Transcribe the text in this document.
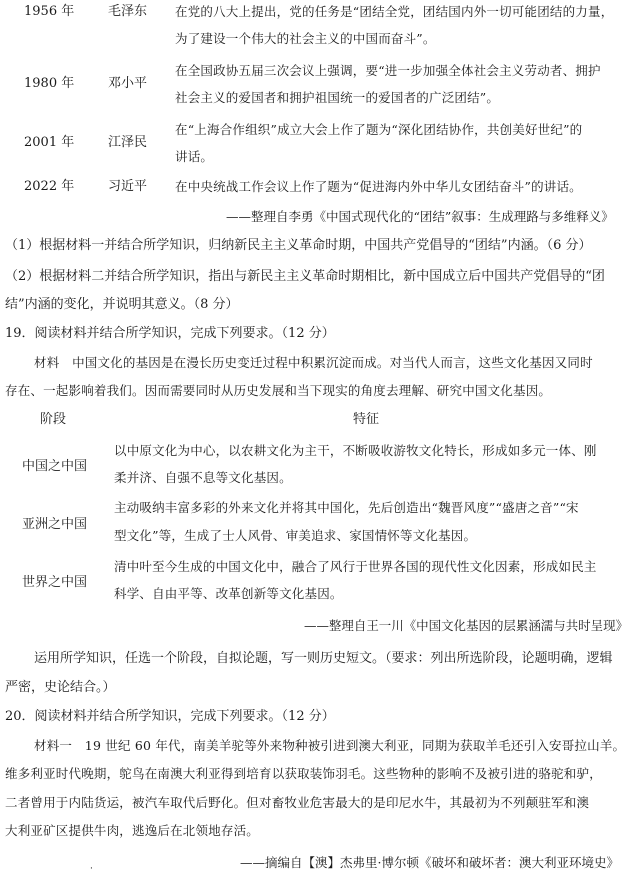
1956 年	毛泽东 在党的八大上提出，党的任务是“团结全党，团结国内外一切可能团结的力量，
为了建设一个伟大的社会主义的中国而奋斗”。
1980 年	邓小平
在全国政协五届三次会议上强调，要“进一步加强全体社会主义劳动者、拥护
社会主义的爱国者和拥护祖国统一的爱国者的广泛团结”。
2001 年	江泽民
在“上海合作组织”成立大会上作了题为“深化团结协作，共创美好世纪”的
讲话。
2022 年	习近平 在中央统战工作会议上作了题为“促进海内外中华儿女团结奋斗”的讲话。
——整理自李勇《中国式现代化的“团结”叙事：生成理路与多维释义》
（1）根据材料一并结合所学知识，归纳新民主主义革命时期，中国共产党倡导的“团结”内涵。（6 分）
（2）根据材料二并结合所学知识，指出与新民主主义革命时期相比，新中国成立后中国共产党倡导的“团
结”内涵的变化，并说明其意义。（8 分）
19．阅读材料并结合所学知识，完成下列要求。（12 分）
材料　中国文化的基因是在漫长历史变迁过程中积累沉淀而成。对当代人而言，这些文化基因又同时
存在、一起影响着我们。因而需要同时从历史发展和当下现实的角度去理解、研究中国文化基因。
阶段	特征
中国之中国
以中原文化为中心，以农耕文化为主干，不断吸收游牧文化特长，形成如多元一体、刚
柔并济、自强不息等文化基因。
亚洲之中国
主动吸纳丰富多彩的外来文化并将其中国化，先后创造出“魏晋风度”“盛唐之音”“宋
型文化”等，生成了士人风骨、审美追求、家国情怀等文化基因。
世界之中国
清中叶至今生成的中国文化中，融合了风行于世界各国的现代性文化因素，形成如民主
科学、自由平等、改革创新等文化基因。
——整理自王一川《中国文化基因的层累涵濡与共时呈现》
运用所学知识，任选一个阶段，自拟论题，写一则历史短文。（要求：列出所选阶段，论题明确，逻辑
严密，史论结合。）
20．阅读材料并结合所学知识，完成下列要求。（12 分）
材料一　19 世纪 60 年代，南美羊驼等外来物种被引进到澳大利亚，同期为获取羊毛还引入安哥拉山羊。
维多利亚时代晚期，鸵鸟在南澳大利亚得到培育以获取装饰羽毛。这些物种的影响不及被引进的骆驼和驴，
二者曾用于内陆货运，被汽车取代后野化。但对畜牧业危害最大的是印尼水牛，其最初为不列颠驻军和澳
大利亚矿区提供牛肉，逃逸后在北领地存活。
——摘编自【澳】杰弗里·博尔顿《破坏和破坏者：澳大利亚环境史》
·
